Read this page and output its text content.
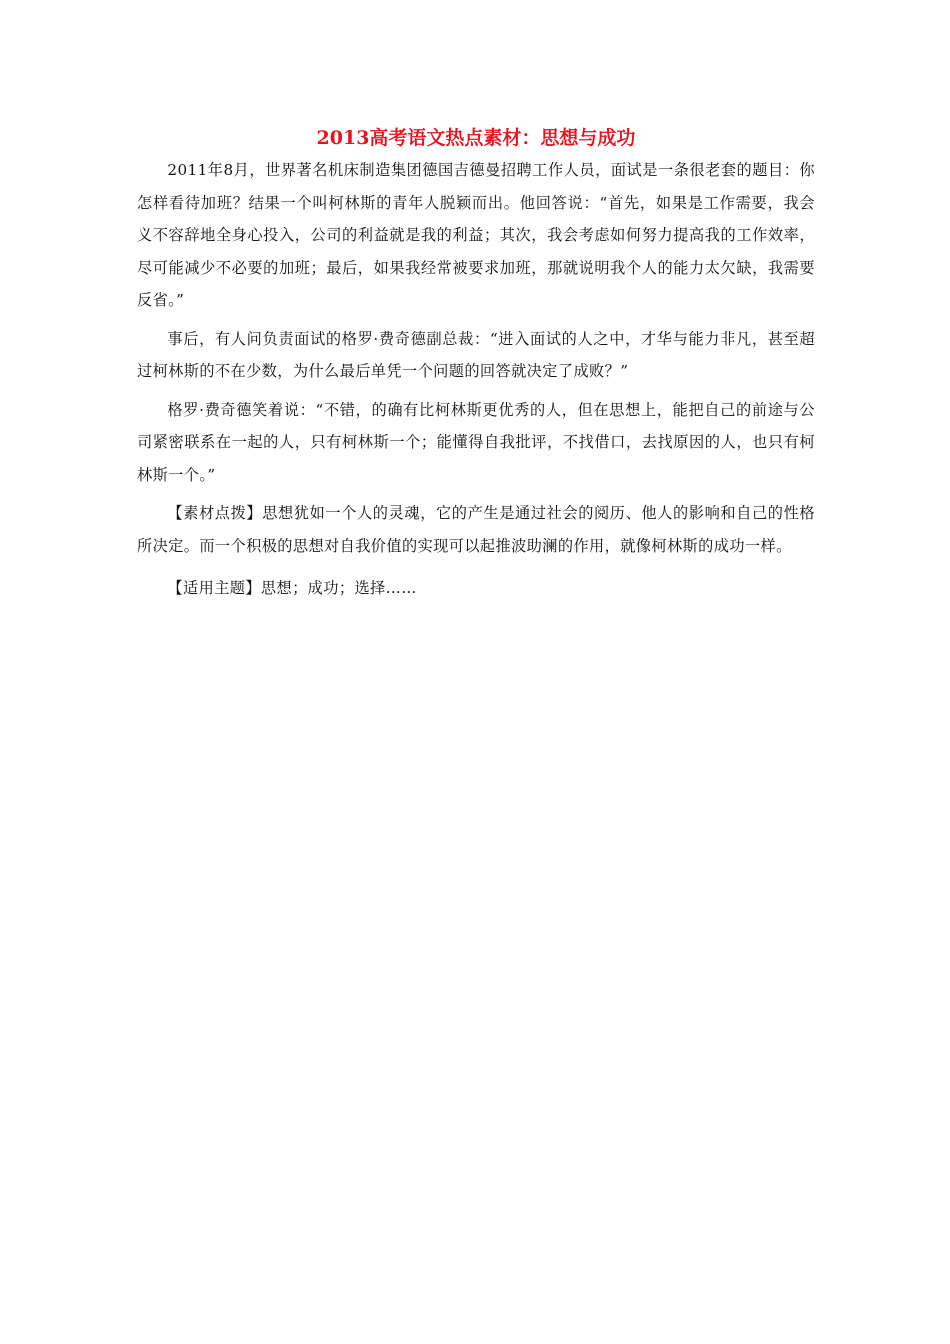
2013高考语文热点素材：思想与成功

2011年8月，世界著名机床制造集团德国吉德曼招聘工作人员，面试是一条很老套的题目：你怎样看待加班？结果一个叫柯林斯的青年人脱颖而出。他回答说：“首先，如果是工作需要，我会义不容辞地全身心投入，公司的利益就是我的利益；其次，我会考虑如何努力提高我的工作效率，尽可能减少不必要的加班；最后，如果我经常被要求加班，那就说明我个人的能力太欠缺，我需要反省。”

事后，有人问负责面试的格罗·费奇德副总裁：“进入面试的人之中，才华与能力非凡，甚至超过柯林斯的不在少数，为什么最后单凭一个问题的回答就决定了成败？”

格罗·费奇德笑着说：“不错，的确有比柯林斯更优秀的人，但在思想上，能把自己的前途与公司紧密联系在一起的人，只有柯林斯一个；能懂得自我批评，不找借口，去找原因的人，也只有柯林斯一个。”

【素材点拨】思想犹如一个人的灵魂，它的产生是通过社会的阅历、他人的影响和自己的性格所决定。而一个积极的思想对自我价值的实现可以起推波助澜的作用，就像柯林斯的成功一样。

【适用主题】思想；成功；选择……
